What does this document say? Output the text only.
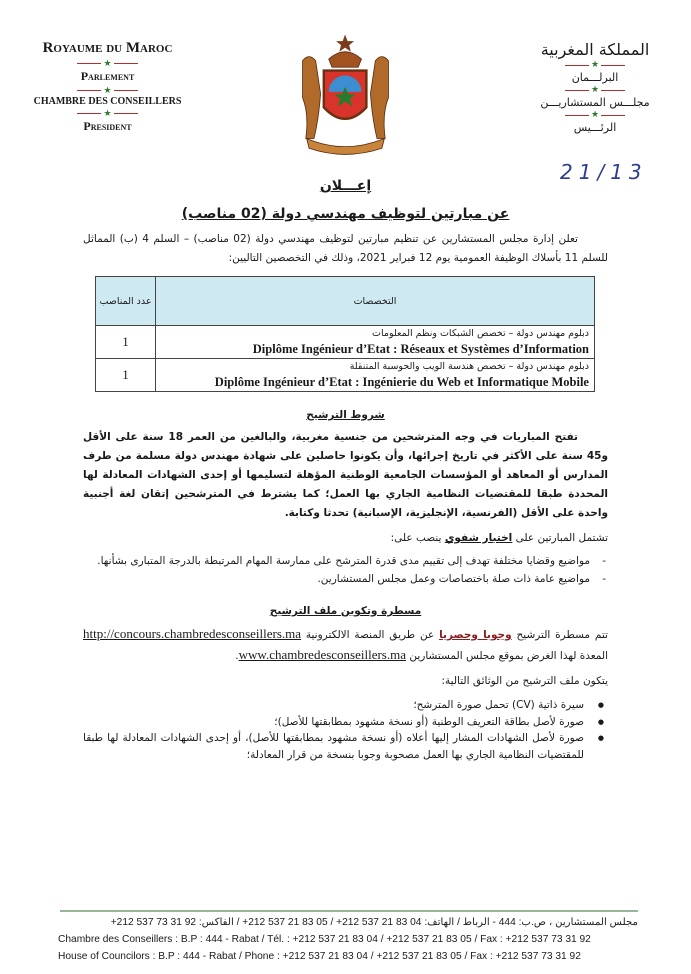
Royaume du Maroc
★
Parlement
★
CHAMBRE DES CONSEILLERS
★
President
المملكة المغربية
★
البرلـــمان
★
مجلـــس المستشاريـــن
★
الرئـــيس
21/13
إعـــلان
عن مبارتين لتوظيف مهندسي دولة (02 مناصب)
تعلن إدارة مجلس المستشارين عن تنظيم مبارتين لتوظيف مهندسي دولة (02 مناصب) – السلم 4 (ب) المماثل للسلم 11 بأسلاك الوظيفة العمومية يوم 12 فبراير 2021، وذلك في التخصصين التاليين:
التخصصات	عدد المناصب

دبلوم مهندس دولة – تخصص الشبكات ونظم المعلومات
Diplôme Ingénieur d’Etat : Réseaux et Systèmes d’Information	1

دبلوم مهندس دولة – تخصص هندسة الويب والحوسبة المتنقلة
Diplôme Ingénieur d’Etat : Ingénierie du Web et Informatique Mobile	1
شروط الترشيح
تفتح المباريات في وجه المترشحين من جنسية مغربية، والبالغين من العمر 18 سنة على الأقل و45 سنة على الأكثر في تاريخ إجرائها، وأن يكونوا حاصلين على شهادة مهندس دولة مسلمة من طرف المدارس أو المعاهد أو المؤسسات الجامعية الوطنية المؤهلة لتسليمها أو إحدى الشهادات المعادلة لها المحددة طبقا للمقتضيات النظامية الجاري بها العمل؛ كما يشترط في المترشحين إتقان لغة أجنبية واحدة على الأقل (الفرنسية، الإنجليزية، الإسبانية) تحدثا وكتابة.
تشتمل المبارتين على اختبار شفوي ينصب على:
- مواضيع وقضايا مختلفة تهدف إلى تقييم مدى قدرة المترشح على ممارسة المهام المرتبطة بالدرجة المتبارى بشأنها.
- مواضيع عامة ذات صلة باختصاصات وعمل مجلس المستشارين.
مسطرة وتكوين ملف الترشيح
تتم مسطرة الترشيح وجوبا وحصريا عن طريق المنصة الالكترونية http://concours.chambredesconseillers.ma المعدة لهذا الغرض بموقع مجلس المستشارين www.chambredesconseillers.ma.
يتكون ملف الترشيح من الوثائق التالية:
● سيرة ذاتية (CV) تحمل صورة المترشح؛
● صورة لأصل بطاقة التعريف الوطنية (أو نسخة مشهود بمطابقتها للأصل)؛
● صورة لأصل الشهادات المشار إليها أعلاه (أو نسخة مشهود بمطابقتها للأصل)، أو إحدى الشهادات المعادلة لها طبقا للمقتضيات النظامية الجاري بها العمل مصحوبة وجوبا بنسخة من قرار المعادلة؛
مجلس المستشارين ، ص.ب: 444 - الرباط / الهاتف: 04 83 21 537 212+ / 05 83 21 537 212+ / الفاكس: 92 31 73 537 212+
Chambre des Conseillers : B.P : 444 - Rabat / Tél. : +212 537 21 83 04 / +212 537 21 83 05 / Fax : +212 537 73 31 92
House of Councilors : B.P : 444 - Rabat / Phone : +212 537 21 83 04 / +212 537 21 83 05 / Fax : +212 537 73 31 92
